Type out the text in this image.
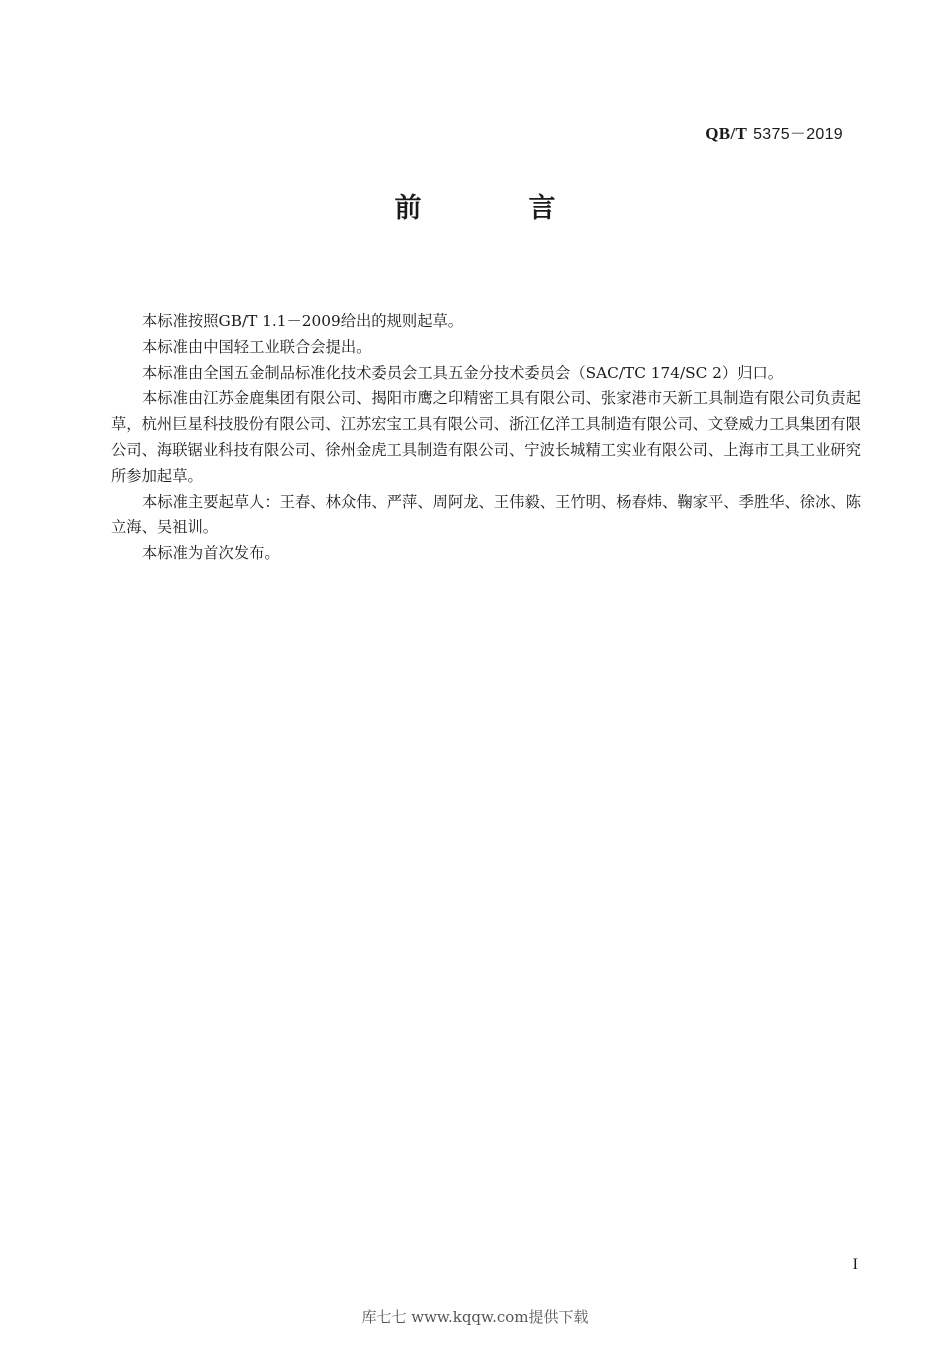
QB/T 5375－2019
前　言

本标准按照GB/T 1.1－2009给出的规则起草。

本标准由中国轻工业联合会提出。

本标准由全国五金制品标准化技术委员会工具五金分技术委员会（SAC/TC 174/SC 2）归口。

本标准由江苏金鹿集团有限公司、揭阳市鹰之印精密工具有限公司、张家港市天新工具制造有限公司负责起草，杭州巨星科技股份有限公司、江苏宏宝工具有限公司、浙江亿洋工具制造有限公司、文登威力工具集团有限公司、海联锯业科技有限公司、徐州金虎工具制造有限公司、宁波长城精工实业有限公司、上海市工具工业研究所参加起草。

本标准主要起草人：王春、林众伟、严萍、周阿龙、王伟毅、王竹明、杨春炜、鞠家平、季胜华、徐冰、陈立海、吴祖训。

本标准为首次发布。

I
库七七 www.kqqw.com提供下载
